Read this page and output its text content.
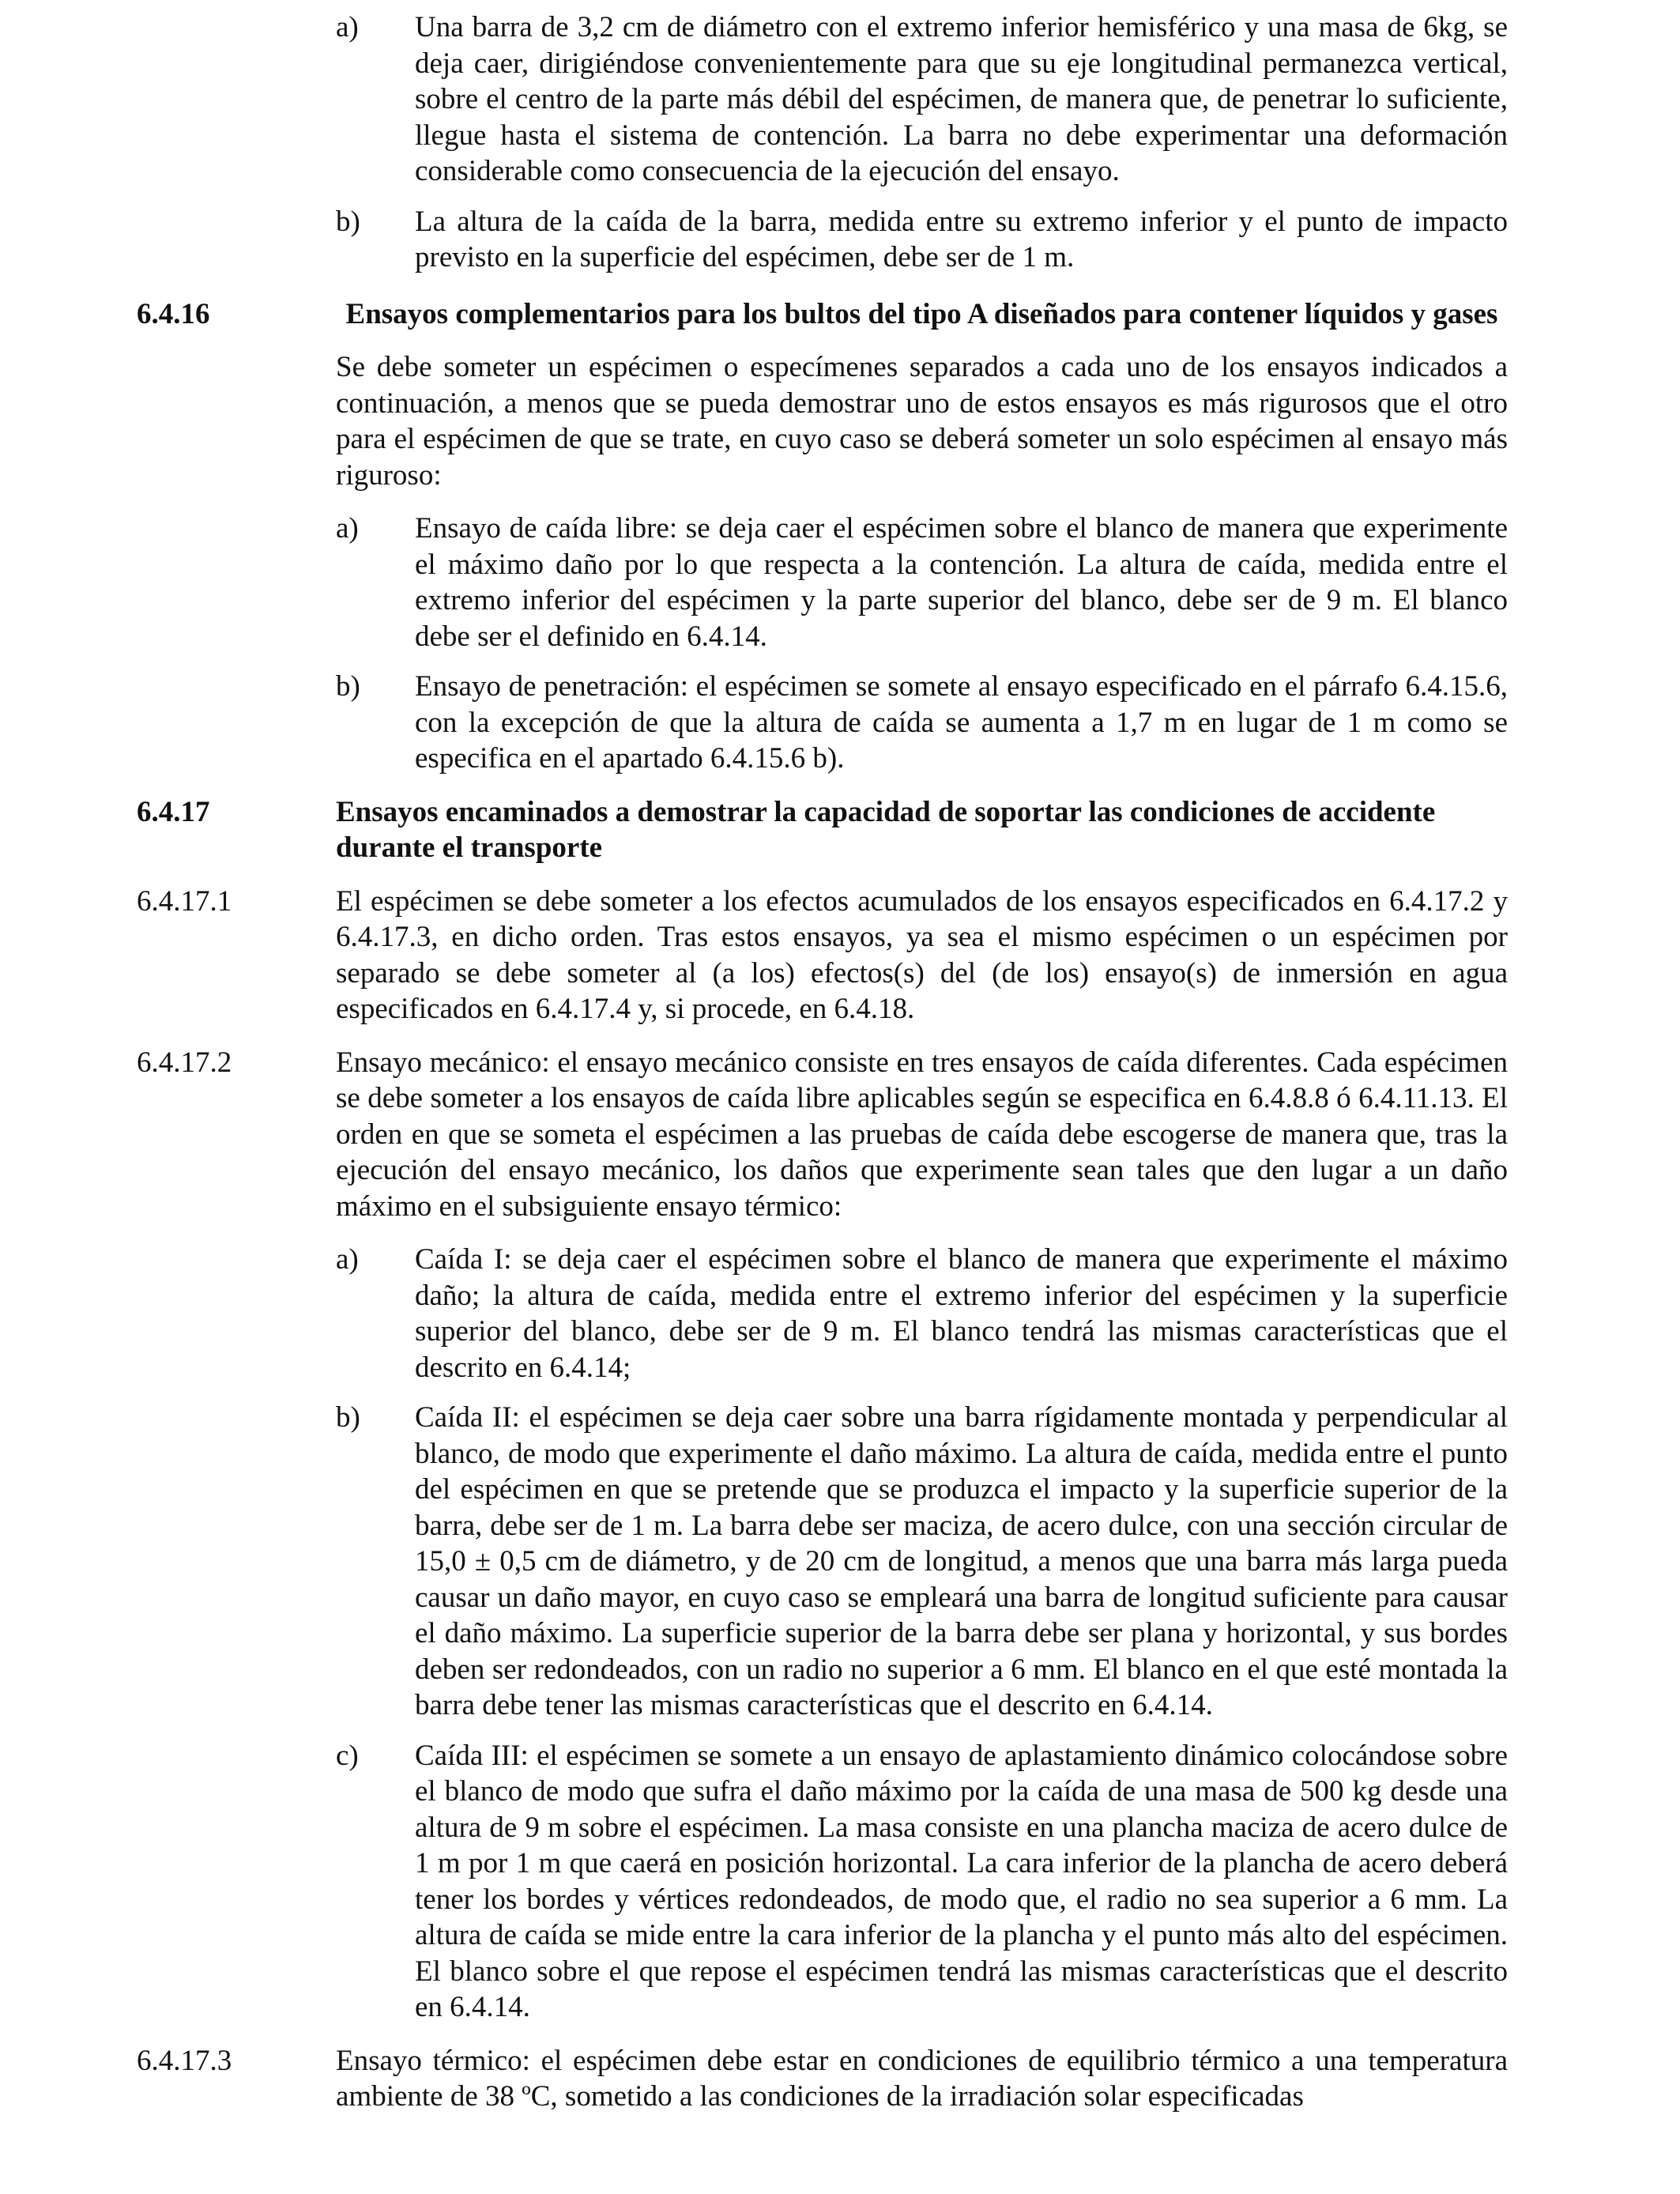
a) Una barra de 3,2 cm de diámetro con el extremo inferior hemisférico y una masa de 6kg, se deja caer, dirigiéndose convenientemente para que su eje longitudinal permanezca vertical, sobre el centro de la parte más débil del espécimen, de manera que, de penetrar lo suficiente, llegue hasta el sistema de contención. La barra no debe experimentar una deformación considerable como consecuencia de la ejecución del ensayo.

b) La altura de la caída de la barra, medida entre su extremo inferior y el punto de impacto previsto en la superficie del espécimen, debe ser de 1 m.

6.4.16	Ensayos complementarios para los bultos del tipo A diseñados para contener líquidos y gases

Se debe someter un espécimen o especímenes separados a cada uno de los ensayos indicados a continuación, a menos que se pueda demostrar uno de estos ensayos es más rigurosos que el otro para el espécimen de que se trate, en cuyo caso se deberá someter un solo espécimen al ensayo más riguroso:

a) Ensayo de caída libre: se deja caer el espécimen sobre el blanco de manera que experimente el máximo daño por lo que respecta a la contención. La altura de caída, medida entre el extremo inferior del espécimen y la parte superior del blanco, debe ser de 9 m. El blanco debe ser el definido en 6.4.14.

b) Ensayo de penetración: el espécimen se somete al ensayo especificado en el párrafo 6.4.15.6, con la excepción de que la altura de caída se aumenta a 1,7 m en lugar de 1 m como se especifica en el apartado 6.4.15.6 b).

6.4.17	Ensayos encaminados a demostrar la capacidad de soportar las condiciones de accidente durante el transporte

6.4.17.1	El espécimen se debe someter a los efectos acumulados de los ensayos especificados en 6.4.17.2 y 6.4.17.3, en dicho orden. Tras estos ensayos, ya sea el mismo espécimen o un espécimen por separado se debe someter al (a los) efectos(s) del (de los) ensayo(s) de inmersión en agua especificados en 6.4.17.4 y, si procede, en 6.4.18.

6.4.17.2	Ensayo mecánico: el ensayo mecánico consiste en tres ensayos de caída diferentes. Cada espécimen se debe someter a los ensayos de caída libre aplicables según se especifica en 6.4.8.8 ó 6.4.11.13. El orden en que se someta el espécimen a las pruebas de caída debe escogerse de manera que, tras la ejecución del ensayo mecánico, los daños que experimente sean tales que den lugar a un daño máximo en el subsiguiente ensayo térmico:

a) Caída I: se deja caer el espécimen sobre el blanco de manera que experimente el máximo daño; la altura de caída, medida entre el extremo inferior del espécimen y la superficie superior del blanco, debe ser de 9 m. El blanco tendrá las mismas características que el descrito en 6.4.14;

b) Caída II: el espécimen se deja caer sobre una barra rígidamente montada y perpendicular al blanco, de modo que experimente el daño máximo. La altura de caída, medida entre el punto del espécimen en que se pretende que se produzca el impacto y la superficie superior de la barra, debe ser de 1 m. La barra debe ser maciza, de acero dulce, con una sección circular de 15,0 ± 0,5 cm de diámetro, y de 20 cm de longitud, a menos que una barra más larga pueda causar un daño mayor, en cuyo caso se empleará una barra de longitud suficiente para causar el daño máximo. La superficie superior de la barra debe ser plana y horizontal, y sus bordes deben ser redondeados, con un radio no superior a 6 mm. El blanco en el que esté montada la barra debe tener las mismas características que el descrito en 6.4.14.

c) Caída III: el espécimen se somete a un ensayo de aplastamiento dinámico colocándose sobre el blanco de modo que sufra el daño máximo por la caída de una masa de 500 kg desde una altura de 9 m sobre el espécimen. La masa consiste en una plancha maciza de acero dulce de 1 m por 1 m que caerá en posición horizontal. La cara inferior de la plancha de acero deberá tener los bordes y vértices redondeados, de modo que, el radio no sea superior a 6 mm. La altura de caída se mide entre la cara inferior de la plancha y el punto más alto del espécimen. El blanco sobre el que repose el espécimen tendrá las mismas características que el descrito en 6.4.14.

6.4.17.3	Ensayo térmico: el espécimen debe estar en condiciones de equilibrio térmico a una temperatura ambiente de 38 ºC, sometido a las condiciones de la irradiación solar especificadas
